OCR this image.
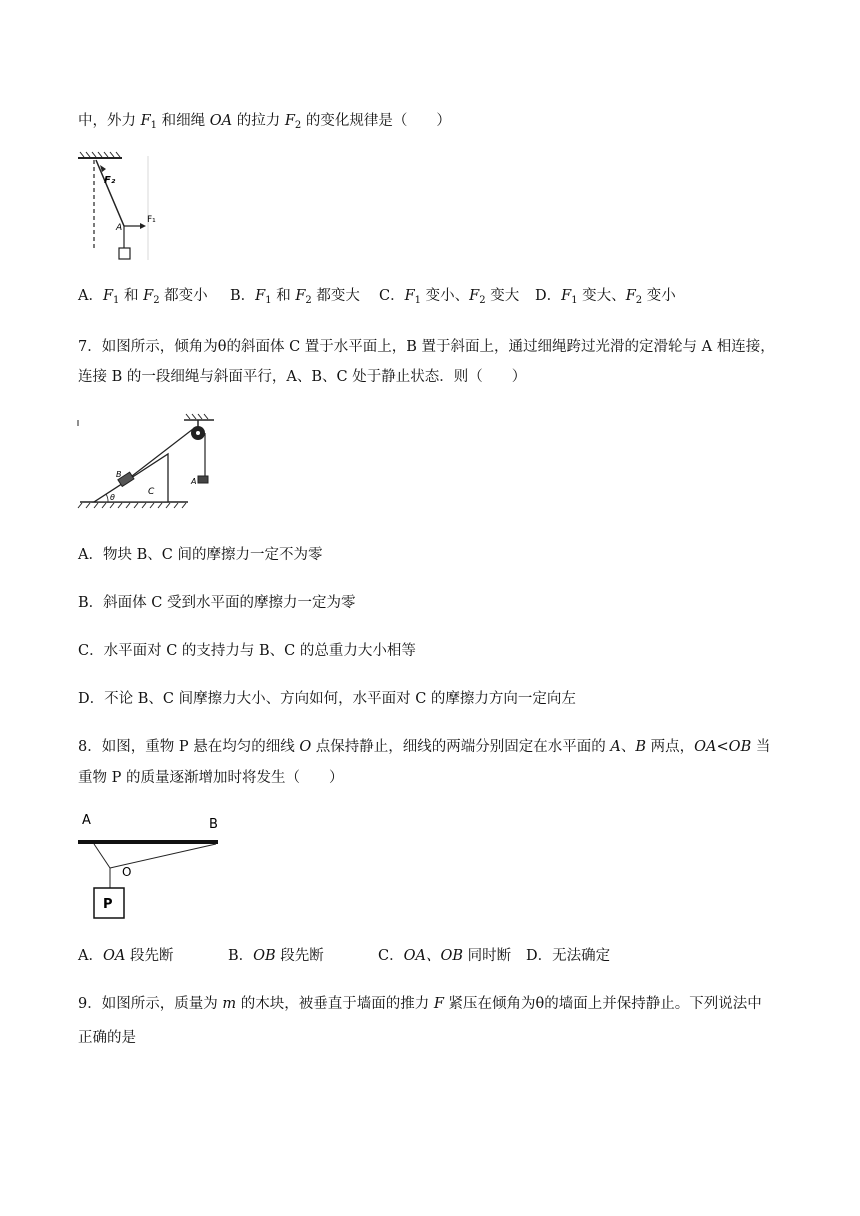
中，外力 $F_1$ 和细绳 OA 的拉力 $F_2$ 的变化规律是（　　）
F₂
A
F₁
A．$F_1$ 和 $F_2$ 都变小 B．$F_1$ 和 $F_2$ 都变大 C．$F_1$ 变小、$F_2$ 变大 D．$F_1$ 变大、$F_2$ 变小
7．如图所示，倾角为θ的斜面体 C 置于水平面上，B 置于斜面上，通过细绳跨过光滑的定滑轮与 A 相连接，
连接 B 的一段细绳与斜面平行，A、B、C 处于静止状态．则（　　）
θ
C
B
A
A．物块 B、C 间的摩擦力一定不为零
B．斜面体 C 受到水平面的摩擦力一定为零
C．水平面对 C 的支持力与 B、C 的总重力大小相等
D．不论 B、C 间摩擦力大小、方向如何，水平面对 C 的摩擦力方向一定向左
8．如图，重物 P 悬在均匀的细线 O 点保持静止，细线的两端分别固定在水平面的 A、B 两点，OA<OB 当
重物 P 的质量逐渐增加时将发生（　　）
A	B
O
P
A．OA 段先断	B．OB 段先断	C．OA、OB 同时断 D．无法确定
9．如图所示，质量为 m 的木块，被垂直于墙面的推力 F 紧压在倾角为θ的墙面上并保持静止。下列说法中
正确的是
